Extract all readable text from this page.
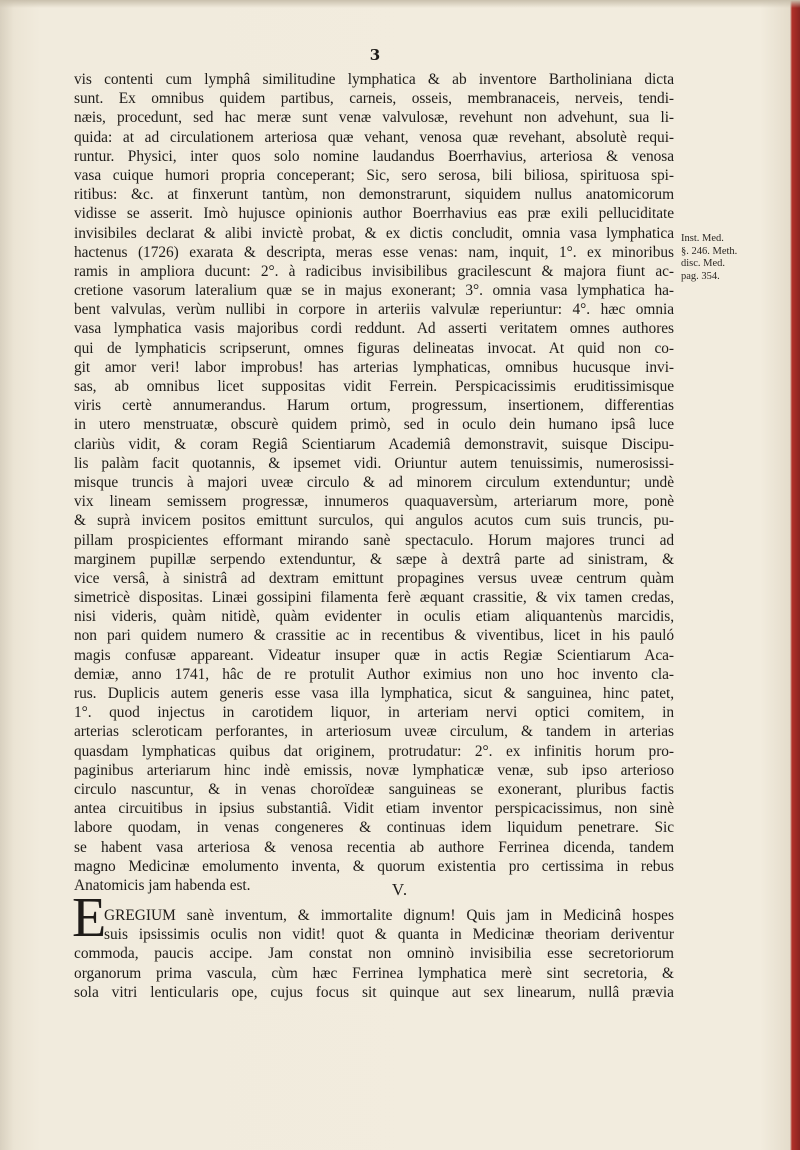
3
vis contenti cum lymphâ similitudine lymphatica & ab inventore Bartholiniana dicta
sunt. Ex omnibus quidem partibus, carneis, osseis, membranaceis, nerveis, tendi-
næis, procedunt, sed hac meræ sunt venæ valvulosæ, revehunt non advehunt, sua li-
quida: at ad circulationem arteriosa quæ vehant, venosa quæ revehant, absolutè requi-
runtur. Physici, inter quos solo nomine laudandus Boerrhavius, arteriosa & venosa
vasa cuique humori propria conceperant; Sic, sero serosa, bili biliosa, spirituosa spi-
ritibus: &c. at finxerunt tantùm, non demonstrarunt, siquidem nullus anatomicorum
vidisse se asserit. Imò hujusce opinionis author Boerrhavius eas præ exili pelluciditate
invisibiles declarat & alibi invictè probat, & ex dictis concludit, omnia vasa lymphatica
hactenus (1726) exarata & descripta, meras esse venas: nam, inquit, 1°. ex minoribus
ramis in ampliora ducunt: 2°. à radicibus invisibilibus gracilescunt & majora fiunt ac-
cretione vasorum lateralium quæ se in majus exonerant; 3°. omnia vasa lymphatica ha-
bent valvulas, verùm nullibi in corpore in arteriis valvulæ reperiuntur: 4°. hæc omnia
vasa lymphatica vasis majoribus cordi reddunt. Ad asserti veritatem omnes authores
qui de lymphaticis scripserunt, omnes figuras delineatas invocat. At quid non co-
git amor veri! labor improbus! has arterias lymphaticas, omnibus hucusque invi-
sas, ab omnibus licet suppositas vidit Ferrein. Perspicacissimis eruditissimisque
viris certè annumerandus. Harum ortum, progressum, insertionem, differentias
in utero menstruatæ, obscurè quidem primò, sed in oculo dein humano ipsâ luce
clariùs vidit, & coram Regiâ Scientiarum Academiâ demonstravit, suisque Discipu-
lis palàm facit quotannis, & ipsemet vidi. Oriuntur autem tenuissimis, numerosissi-
misque truncis à majori uveæ circulo & ad minorem circulum extenduntur; undè
vix lineam semissem progressæ, innumeros quaquaversùm, arteriarum more, ponè
& suprà invicem positos emittunt surculos, qui angulos acutos cum suis truncis, pu-
pillam prospicientes efformant mirando sanè spectaculo. Horum majores trunci ad
marginem pupillæ serpendo extenduntur, & sæpe à dextrâ parte ad sinistram, &
vice versâ, à sinistrâ ad dextram emittunt propagines versus uveæ centrum quàm
simetricè dispositas. Linæi gossipini filamenta ferè æquant crassitie, & vix tamen credas,
nisi videris, quàm nitidè, quàm evidenter in oculis etiam aliquantenùs marcidis,
non pari quidem numero & crassitie ac in recentibus & viventibus, licet in his pauló
magis confusæ appareant. Videatur insuper quæ in actis Regiæ Scientiarum Aca-
demiæ, anno 1741, hâc de re protulit Author eximius non uno hoc invento cla-
rus. Duplicis autem generis esse vasa illa lymphatica, sicut & sanguinea, hinc patet,
1°. quod injectus in carotidem liquor, in arteriam nervi optici comitem, in
arterias scleroticam perforantes, in arteriosum uveæ circulum, & tandem in arterias
quasdam lymphaticas quibus dat originem, protrudatur: 2°. ex infinitis horum pro-
paginibus arteriarum hinc indè emissis, novæ lymphaticæ venæ, sub ipso arterioso
circulo nascuntur, & in venas choroïdeæ sanguineas se exonerant, pluribus factis
antea circuitibus in ipsius substantiâ. Vidit etiam inventor perspicacissimus, non sinè
labore quodam, in venas congeneres & continuas idem liquidum penetrare. Sic
se habent vasa arteriosa & venosa recentia ab authore Ferrinea dicenda, tandem
magno Medicinæ emolumento inventa, & quorum existentia pro certissima in rebus
Anatomicis jam habenda est.
Inst. Med.
§. 246. Meth.
disc. Med.
pag. 354.
V.
E
GREGIUM sanè inventum, & immortalite dignum! Quis jam in Medicinâ hospes
suis ipsissimis oculis non vidit! quot & quanta in Medicinæ theoriam deriventur
commoda, paucis accipe. Jam constat non omninò invisibilia esse secretoriorum
organorum prima vascula, cùm hæc Ferrinea lymphatica merè sint secretoria, &
sola vitri lenticularis ope, cujus focus sit quinque aut sex linearum, nullâ prævia
